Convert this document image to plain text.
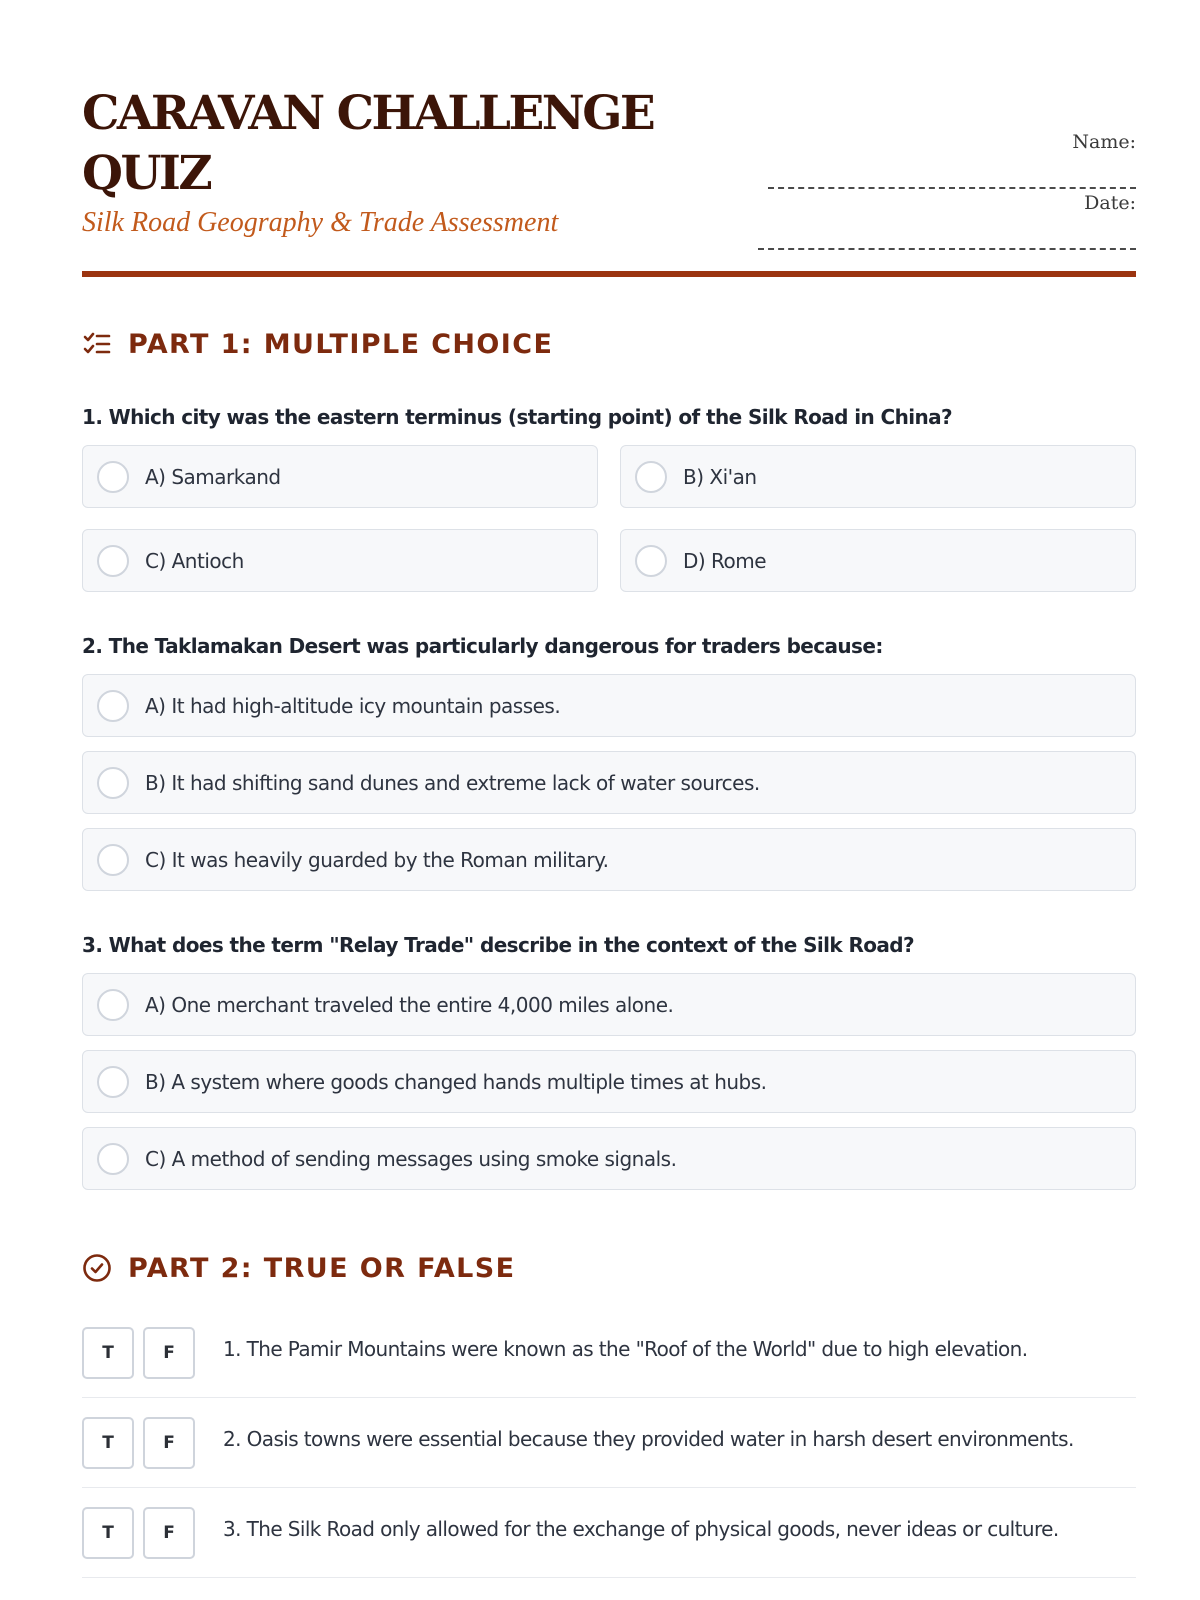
CARAVAN CHALLENGE QUIZ
Silk Road Geography & Trade Assessment
Name:
Date:
PART 1: MULTIPLE CHOICE
1. Which city was the eastern terminus (starting point) of the Silk Road in China?
A) Samarkand	B) Xi'an
C) Antioch	D) Rome
2. The Taklamakan Desert was particularly dangerous for traders because:
A) It had high-altitude icy mountain passes.
B) It had shifting sand dunes and extreme lack of water sources.
C) It was heavily guarded by the Roman military.
3. What does the term "Relay Trade" describe in the context of the Silk Road?
A) One merchant traveled the entire 4,000 miles alone.
B) A system where goods changed hands multiple times at hubs.
C) A method of sending messages using smoke signals.
PART 2: TRUE OR FALSE
T	F	1. The Pamir Mountains were known as the "Roof of the World" due to high elevation.
T	F	2. Oasis towns were essential because they provided water in harsh desert environments.
T	F	3. The Silk Road only allowed for the exchange of physical goods, never ideas or culture.
